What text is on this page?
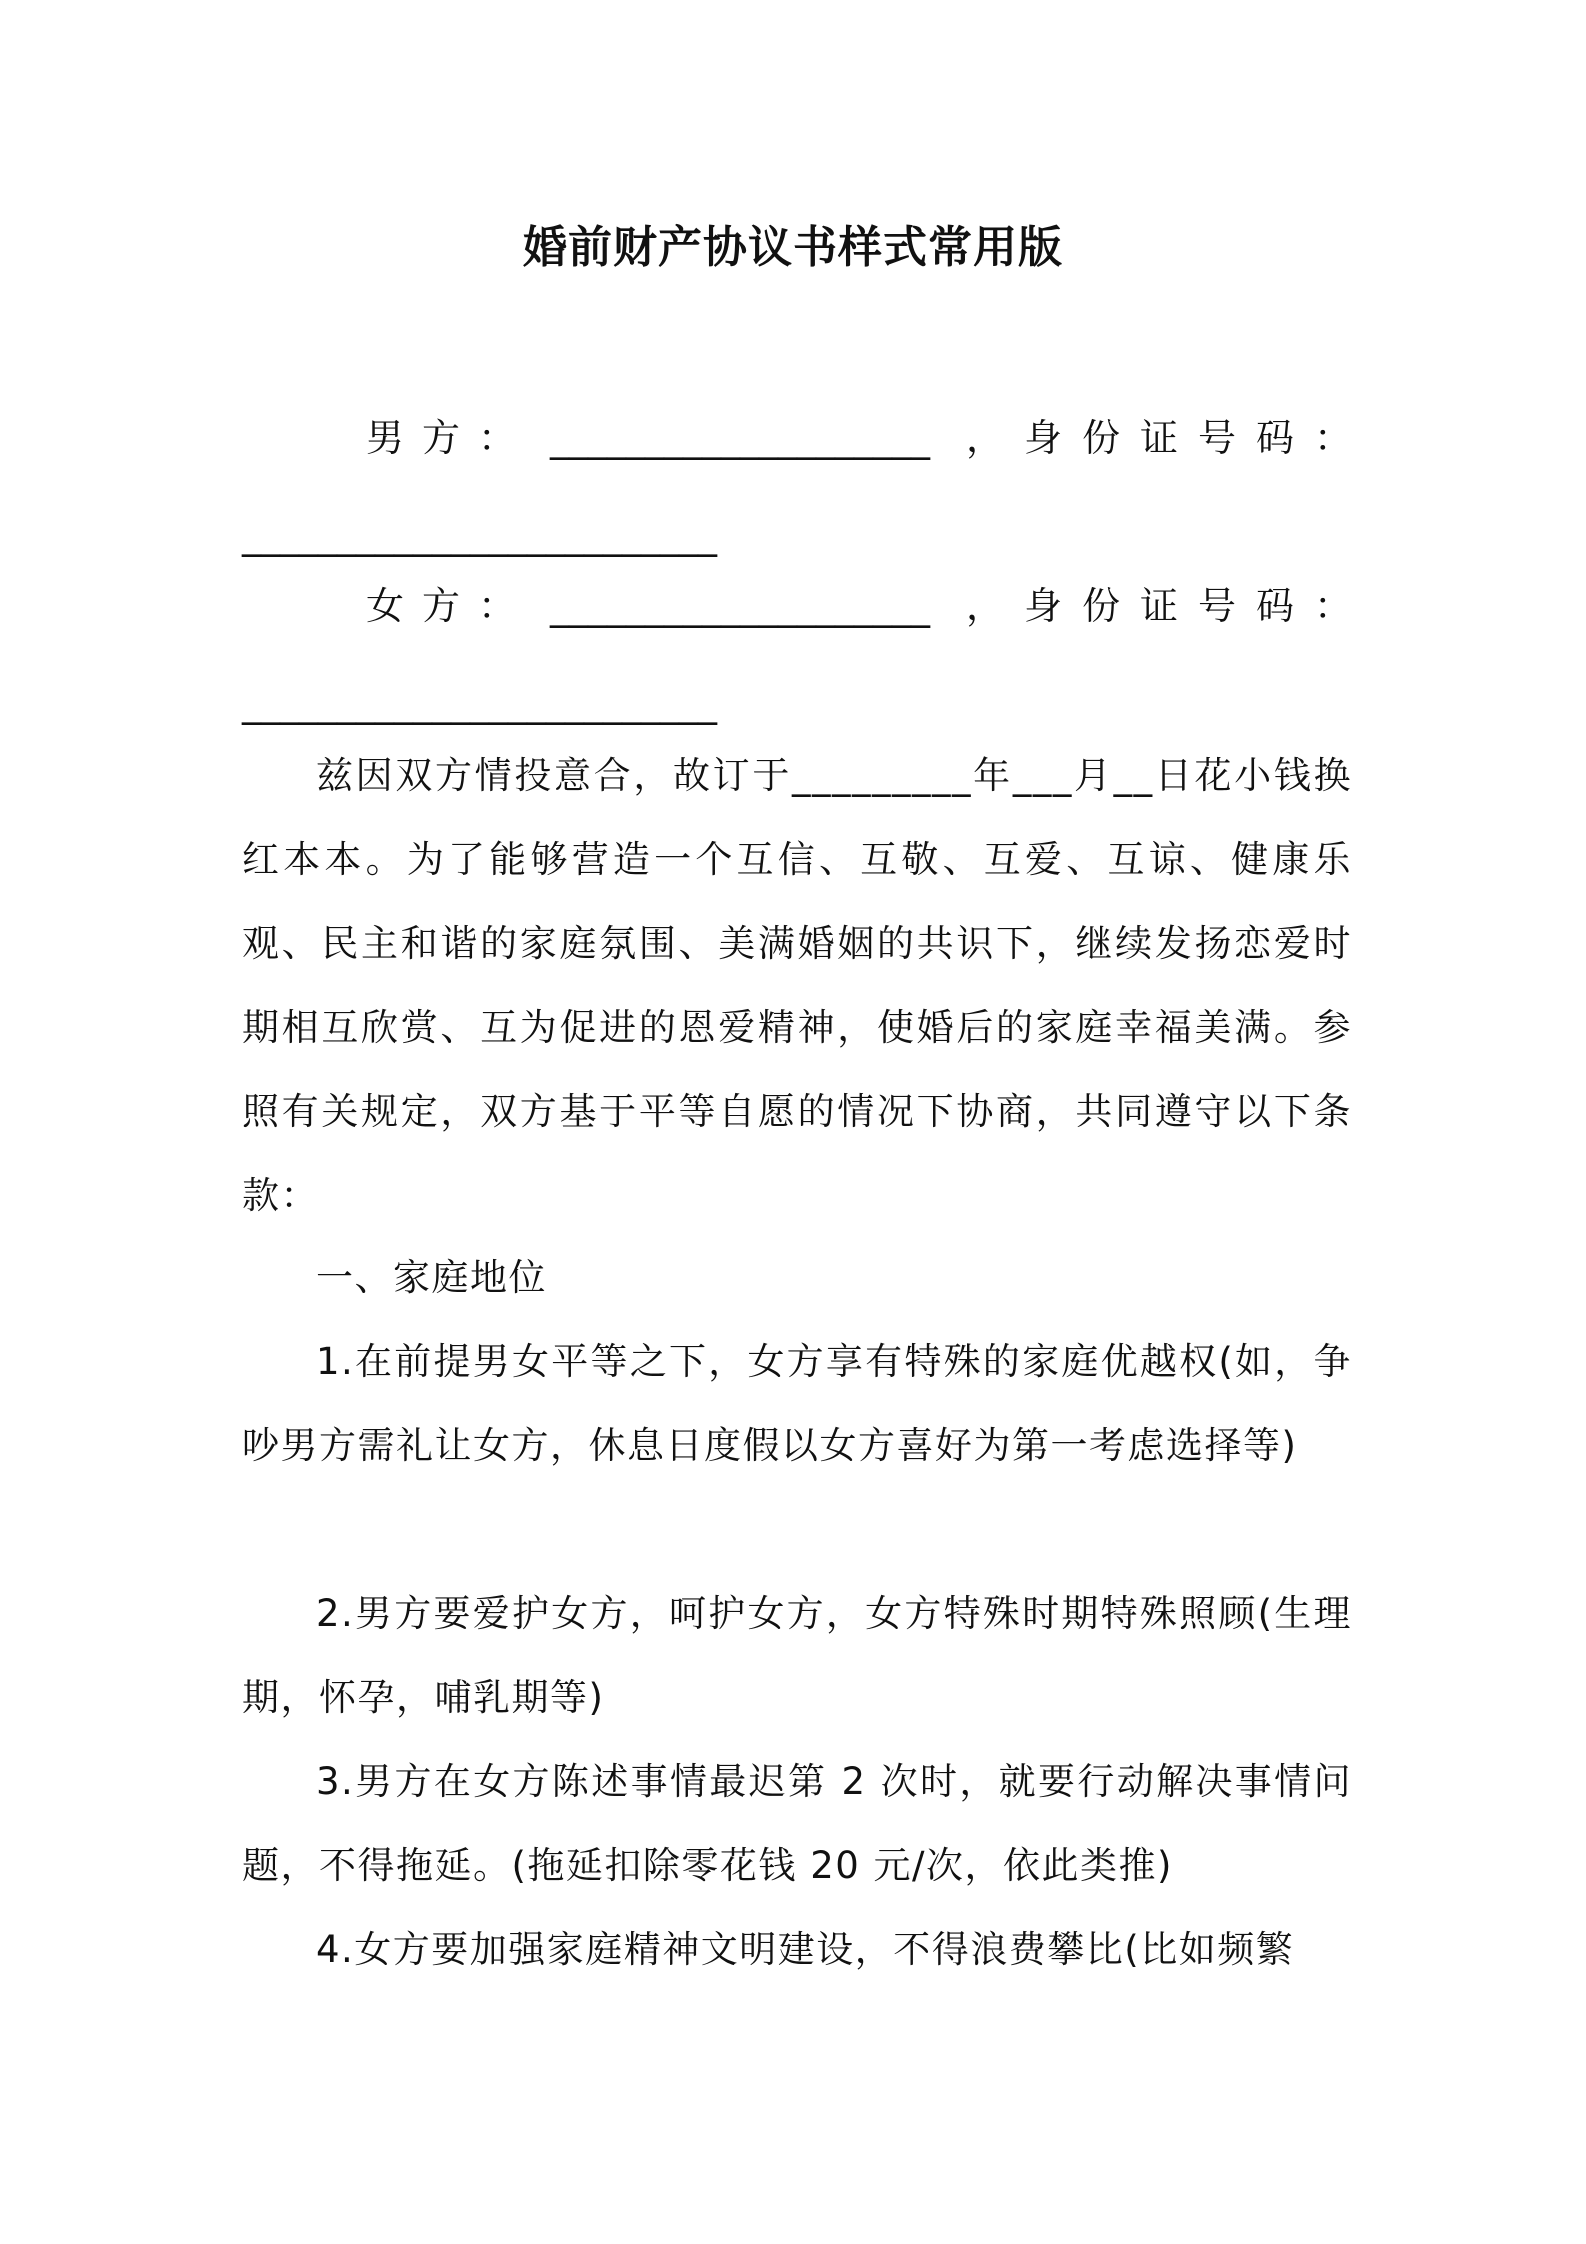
婚前财产协议书样式常用版
男方： ____________________ ，身份证号码：
_________________________
女方： ____________________ ，身份证号码：
_________________________

兹因双方情投意合，故订于_________年___月__日花小钱换红本本。为了能够营造一个互信、互敬、互爱、互谅、健康乐观、民主和谐的家庭氛围、美满婚姻的共识下，继续发扬恋爱时期相互欣赏、互为促进的恩爱精神，使婚后的家庭幸福美满。参照有关规定，双方基于平等自愿的情况下协商，共同遵守以下条款：

一、家庭地位

1.在前提男女平等之下，女方享有特殊的家庭优越权(如，争吵男方需礼让女方，休息日度假以女方喜好为第一考虑选择等)

2.男方要爱护女方，呵护女方，女方特殊时期特殊照顾(生理期，怀孕，哺乳期等)

3.男方在女方陈述事情最迟第 2 次时，就要行动解决事情问题，不得拖延。(拖延扣除零花钱 20 元/次，依此类推)

4.女方要加强家庭精神文明建设，不得浪费攀比(比如频繁
